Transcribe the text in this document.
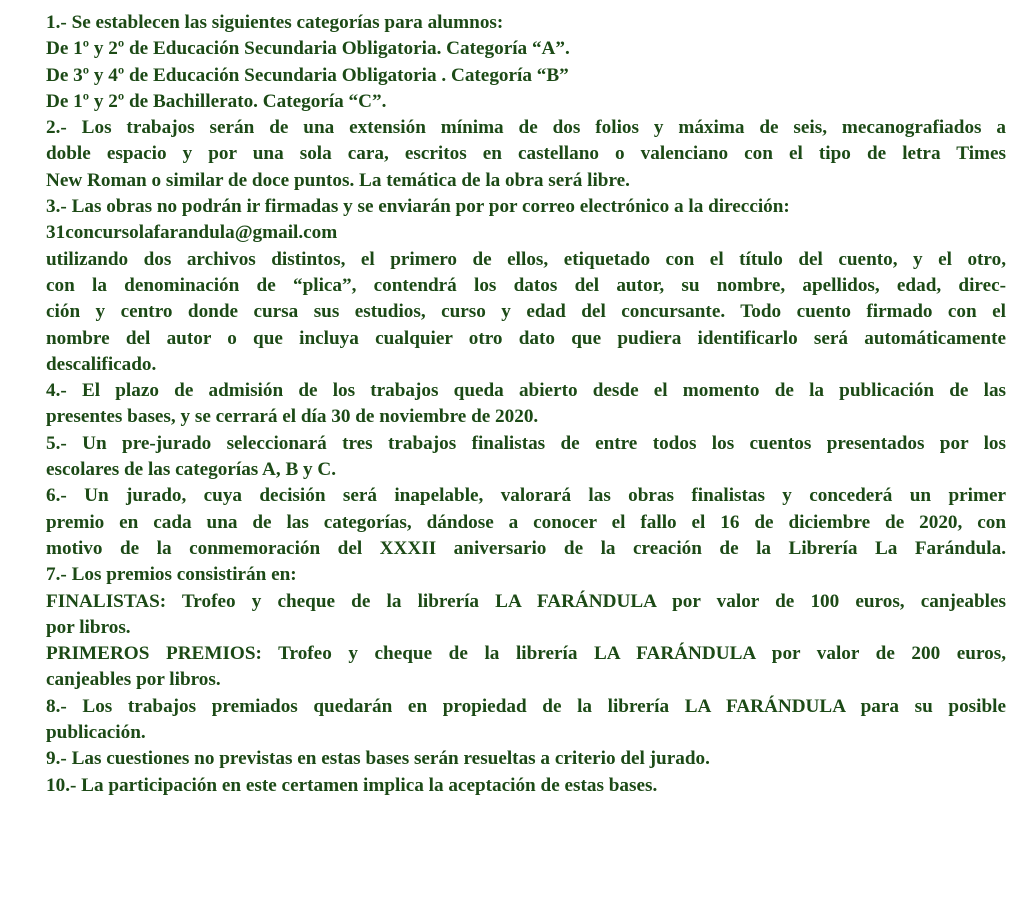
1.- Se establecen las siguientes categorías para alumnos:
De 1º y 2º de Educación Secundaria Obligatoria. Categoría “A”.
De 3º y 4º de Educación Secundaria Obligatoria . Categoría “B”
De 1º y 2º de Bachillerato. Categoría “C”.
2.- Los trabajos serán de una extensión mínima de dos folios y máxima de seis, mecanografiados a
doble espacio y por una sola cara, escritos en castellano o valenciano con el tipo de letra Times
New Roman o similar de doce puntos. La temática de la obra será libre.
3.- Las obras no podrán ir firmadas y se enviarán por por correo electrónico a la dirección:
31concursolafarandula@gmail.com
utilizando dos archivos distintos, el primero de ellos, etiquetado con el título del cuento, y el otro,
con la denominación de “plica”, contendrá los datos del autor, su nombre, apellidos, edad, direc-
ción y centro donde cursa sus estudios, curso y edad del concursante. Todo cuento firmado con el
nombre del autor o que incluya cualquier otro dato que pudiera identificarlo será automáticamente
descalificado.
4.- El plazo de admisión de los trabajos queda abierto desde el momento de la publicación de las
presentes bases, y se cerrará el día 30 de noviembre de 2020.
5.- Un pre-jurado seleccionará tres trabajos finalistas de entre todos los cuentos presentados por los
escolares de las categorías A, B y C.
6.- Un jurado, cuya decisión será inapelable, valorará las obras finalistas y concederá un primer
premio en cada una de las categorías, dándose a conocer el fallo el 16 de diciembre de 2020, con
motivo de la conmemoración del XXXII aniversario de la creación de la Librería La Farándula.
7.- Los premios consistirán en:
FINALISTAS: Trofeo y cheque de la librería LA FARÁNDULA por valor de 100 euros, canjeables
por libros.
PRIMEROS PREMIOS: Trofeo y cheque de la librería LA FARÁNDULA por valor de 200 euros,
canjeables por libros.
8.- Los trabajos premiados quedarán en propiedad de la librería LA FARÁNDULA para su posible
publicación.
9.- Las cuestiones no previstas en estas bases serán resueltas a criterio del jurado.
10.- La participación en este certamen implica la aceptación de estas bases.
